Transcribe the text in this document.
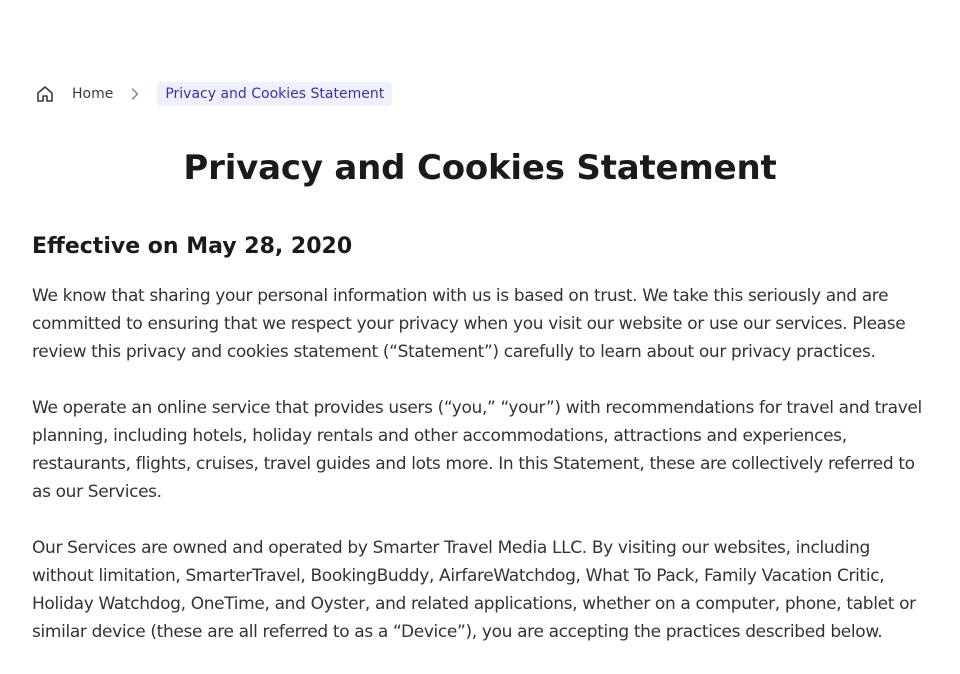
Home	Privacy and Cookies Statement
Privacy and Cookies Statement
Effective on May 28, 2020

We know that sharing your personal information with us is based on trust. We take this seriously and are committed to ensuring that we respect your privacy when you visit our website or use our services. Please review this privacy and cookies statement (“Statement”) carefully to learn about our privacy practices.

We operate an online service that provides users (“you,” “your”) with recommendations for travel and travel planning, including hotels, holiday rentals and other accommodations, attractions and experiences, restaurants, flights, cruises, travel guides and lots more. In this Statement, these are collectively referred to as our Services.

Our Services are owned and operated by Smarter Travel Media LLC. By visiting our websites, including without limitation, SmarterTravel, BookingBuddy, AirfareWatchdog, What To Pack, Family Vacation Critic, Holiday Watchdog, OneTime, and Oyster, and related applications, whether on a computer, phone, tablet or similar device (these are all referred to as a “Device”), you are accepting the practices described below.
